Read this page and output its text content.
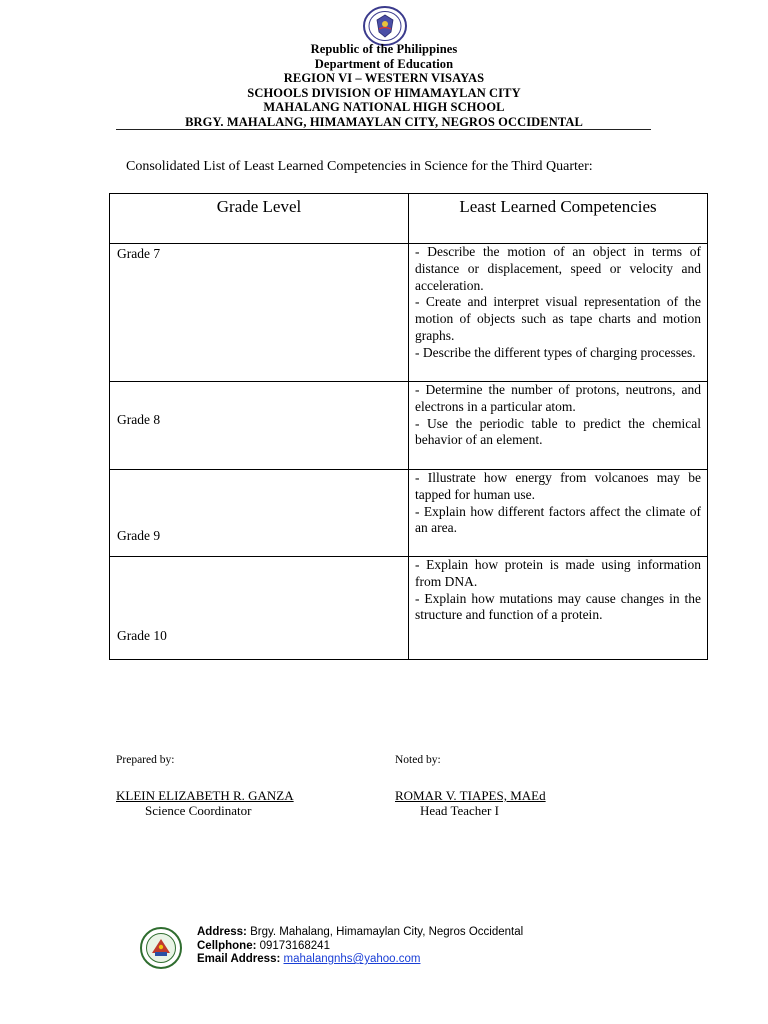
Republic of the Philippines
Department of Education
REGION VI – WESTERN VISAYAS
SCHOOLS DIVISION OF HIMAMAYLAN CITY
MAHALANG NATIONAL HIGH SCHOOL
BRGY. MAHALANG, HIMAMAYLAN CITY, NEGROS OCCIDENTAL
Consolidated List of Least Learned Competencies in Science for the Third Quarter:
Grade Level	Least Learned Competencies
Grade 7	- Describe the motion of an object in terms of distance or displacement, speed or velocity and acceleration.
- Create and interpret visual representation of the motion of objects such as tape charts and motion graphs.
- Describe the different types of charging processes.

Grade 8	- Determine the number of protons, neutrons, and electrons in a particular atom.
- Use the periodic table to predict the chemical behavior of an element.

Grade 9	- Illustrate how energy from volcanoes may be tapped for human use.
- Explain how different factors affect the climate of an area.

Grade 10	- Explain how protein is made using information from DNA.
- Explain how mutations may cause changes in the structure and function of a protein.
Prepared by:
KLEIN ELIZABETH R. GANZA
Science Coordinator
Noted by:
ROMAR V. TIAPES, MAEd
Head Teacher I
Address: Brgy. Mahalang, Himamaylan City, Negros Occidental
Cellphone: 09173168241
Email Address: mahalangnhs@yahoo.com
